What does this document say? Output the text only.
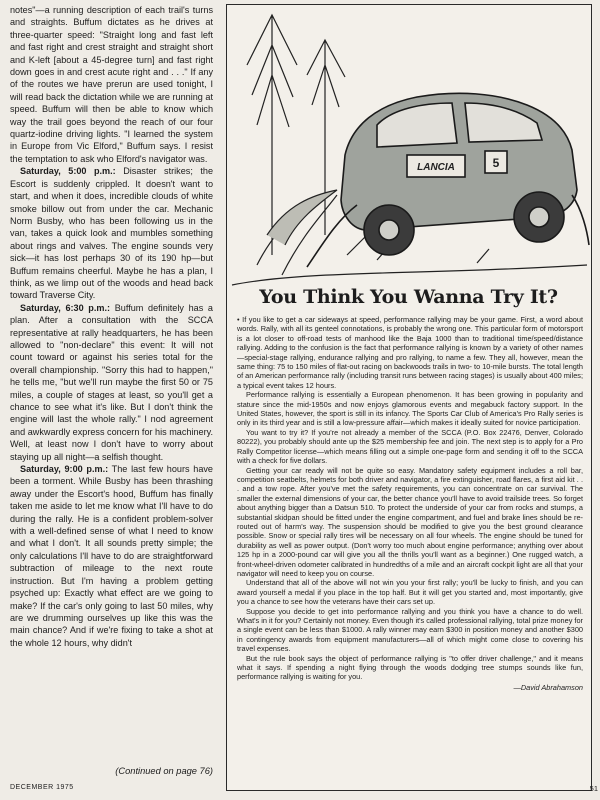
notes"—a running description of each trail's turns and straights. Buffum dictates as he drives at three-quarter speed: "Straight long and fast left and fast right and crest straight and straight short and K-left [about a 45-degree turn] and fast right down goes in and crest acute right and . . ." If any of the routes we have prerun are used tonight, I will read back the dictation while we are running at speed. Buffum will then be able to know which way the trail goes beyond the reach of our four quartz-iodine driving lights. "I learned the system in Europe from Vic Elford," Buffum says. I resist the temptation to ask who Elford's navigator was.

Saturday, 5:00 p.m.: Disaster strikes; the Escort is suddenly crippled. It doesn't want to start, and when it does, incredible clouds of white smoke billow out from under the car. Mechanic Norm Busby, who has been following us in the van, takes a quick look and mumbles something about rings and valves. The engine sounds very sick—it has lost perhaps 30 of its 190 hp—but Buffum remains cheerful. Maybe he has a plan, I think, as we limp out of the woods and head back toward Traverse City.

Saturday, 6:30 p.m.: Buffum definitely has a plan. After a consultation with the SCCA representative at rally headquarters, he has been allowed to "non-declare" this event: It will not count toward or against his series total for the overall championship. "Sorry this had to happen," he tells me, "but we'll run maybe the first 50 or 75 miles, a couple of stages at least, so you'll get a chance to see what it's like. But I don't think the engine will last the whole rally." I nod agreement and awkwardly express concern for his machinery. Well, at least now I don't have to worry about staying up all night—a selfish thought.

Saturday, 9:00 p.m.: The last few hours have been a torment. While Busby has been thrashing away under the Escort's hood, Buffum has finally taken me aside to let me know what I'll have to do during the rally. He is a confident problem-solver with a well-defined sense of what I need to know and what I don't. It all sounds pretty simple; the only calculations I'll have to do are straightforward subtraction of mileage to the next route instruction. But I'm having a problem getting psyched up: Exactly what effect are we going to make? If the car's only going to last 50 miles, why are we drumming ourselves up like this was the main chance? And if we're fixing to take a shot at the whole 12 hours, why didn't

(Continued on page 76)
LANCIA	5
You Think You Wanna Try It?

• If you like to get a car sideways at speed, performance rallying may be your game. First, a word about words. Rally, with all its genteel connotations, is probably the wrong one. This particular form of motorsport is a lot closer to off-road tests of manhood like the Baja 1000 than to traditional time/speed/distance rallying. Adding to the confusion is the fact that performance rallying is known by a variety of other names—special-stage rallying, endurance rallying and pro rallying, to name a few. They all, however, mean the same thing: 75 to 150 miles of flat-out racing on backwoods trails in two- to 10-mile bursts. The total length of an American performance rally (including transit runs between racing stages) is usually about 400 miles; a typical event takes 12 hours.

Performance rallying is essentially a European phenomenon. It has been growing in popularity and stature since the mid-1950s and now enjoys glamorous events and megabuck factory support. In the United States, however, the sport is still in its infancy. The Sports Car Club of America's Pro Rally series is only in its third year and is still a low-pressure affair—which makes it ideally suited for novice participation.

You want to try it? If you're not already a member of the SCCA (P.O. Box 22476, Denver, Colorado 80222), you probably should ante up the $25 membership fee and join. The next step is to apply for a Pro Rally Competitor license—which means filling out a simple one-page form and sending it off to the SCCA with a check for five dollars.

Getting your car ready will not be quite so easy. Mandatory safety equipment includes a roll bar, competition seatbelts, helmets for both driver and navigator, a fire extinguisher, road flares, a first aid kit . . . and a tow rope. After you've met the safety requirements, you can concentrate on car survival. The smaller the external dimensions of your car, the better chance you'll have to avoid trailside trees. So forget about anything bigger than a Datsun 510. To protect the underside of your car from rocks and stumps, a substantial skidpan should be fitted under the engine compartment, and fuel and brake lines should be re-routed out of harm's way. The suspension should be modified to give you the best ground clearance possible. Snow or special rally tires will be necessary on all four wheels. The engine should be tuned for durability as well as power output. (Don't worry too much about engine performance; anything over about 125 hp in a 2000-pound car will give you all the thrills you'll want as a beginner.) One rugged watch, a front-wheel-driven odometer calibrated in hundredths of a mile and an aircraft cockpit light are all that your navigator will need to keep you on course.

Understand that all of the above will not win you your first rally; you'll be lucky to finish, and you can award yourself a medal if you place in the top half. But it will get you started and, most importantly, give you a chance to see how the veterans have their cars set up.

Suppose you decide to get into performance rallying and you think you have a chance to do well. What's in it for you? Certainly not money. Even though it's called professional rallying, total prize money for a single event can be less than $1000. A rally winner may earn $300 in position money and another $300 in contingency awards from equipment manufacturers—all of which might come close to covering his travel expenses.

But the rule book says the object of performance rallying is "to offer driver challenge," and it means what it says. If spending a night flying through the woods dodging tree stumps sounds like fun, performance rallying is waiting for you.

—David Abrahamson
DECEMBER 1975	51
